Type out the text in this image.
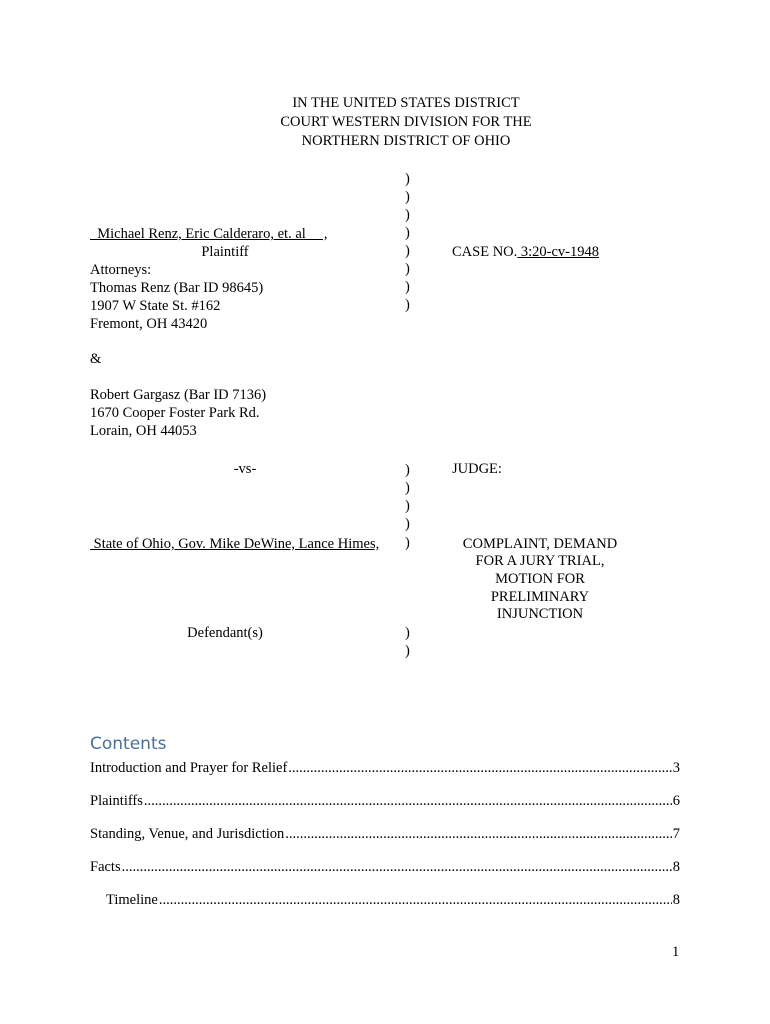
IN THE UNITED STATES DISTRICT
COURT WESTERN DIVISION FOR THE
NORTHERN DISTRICT OF OHIO
)
)
)
)
)
)
)
)
Michael Renz, Eric Calderaro, et. al     ,
Plaintiff
Attorneys:
Thomas Renz (Bar ID 98645)
1907 W State St. #162
Fremont, OH 43420
&
Robert Gargasz (Bar ID 7136)
1670 Cooper Foster Park Rd.
Lorain, OH 44053
CASE NO. 3:20-cv-1948
-vs-	JUDGE:
)
)
)
)
)
)
)
State of Ohio, Gov. Mike DeWine, Lance Himes,
Defendant(s)
COMPLAINT, DEMAND
FOR A JURY TRIAL,
MOTION FOR
PRELIMINARY
INJUNCTION
Contents
Introduction and Prayer for Relief .....	3
Plaintiffs .....	6
Standing, Venue, and Jurisdiction .....	7
Facts .....	8
Timeline .....	8
1
